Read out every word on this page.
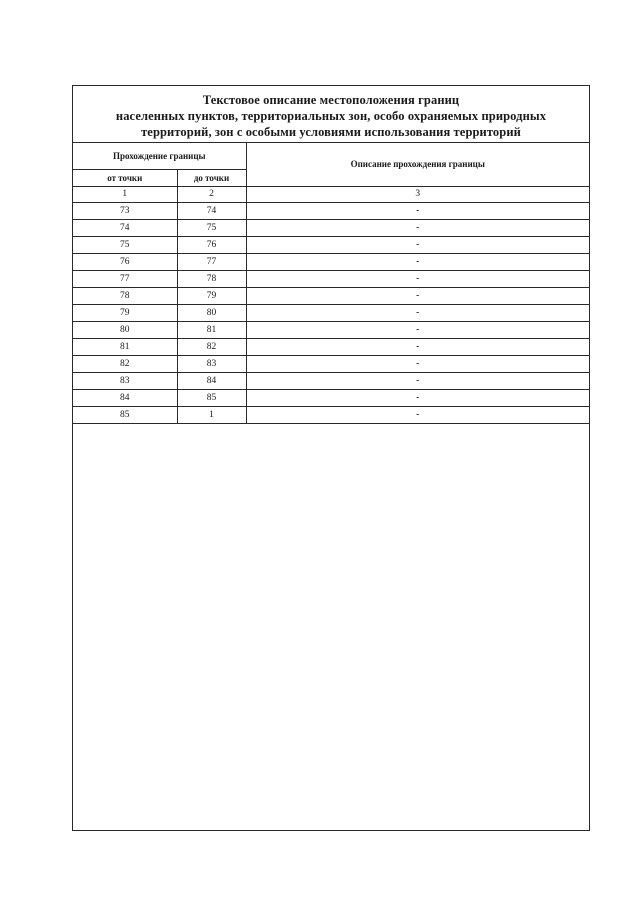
Текстовое описание местоположения границ
населенных пунктов, территориальных зон, особо охраняемых природных
территорий, зон с особыми условиями использования территорий
Прохождение границы		Описание прохождения границы
от точки	до точки	
1	2	3
73	74	-
74	75	-
75	76	-
76	77	-
77	78	-
78	79	-
79	80	-
80	81	-
81	82	-
82	83	-
83	84	-
84	85	-
85	1	-
